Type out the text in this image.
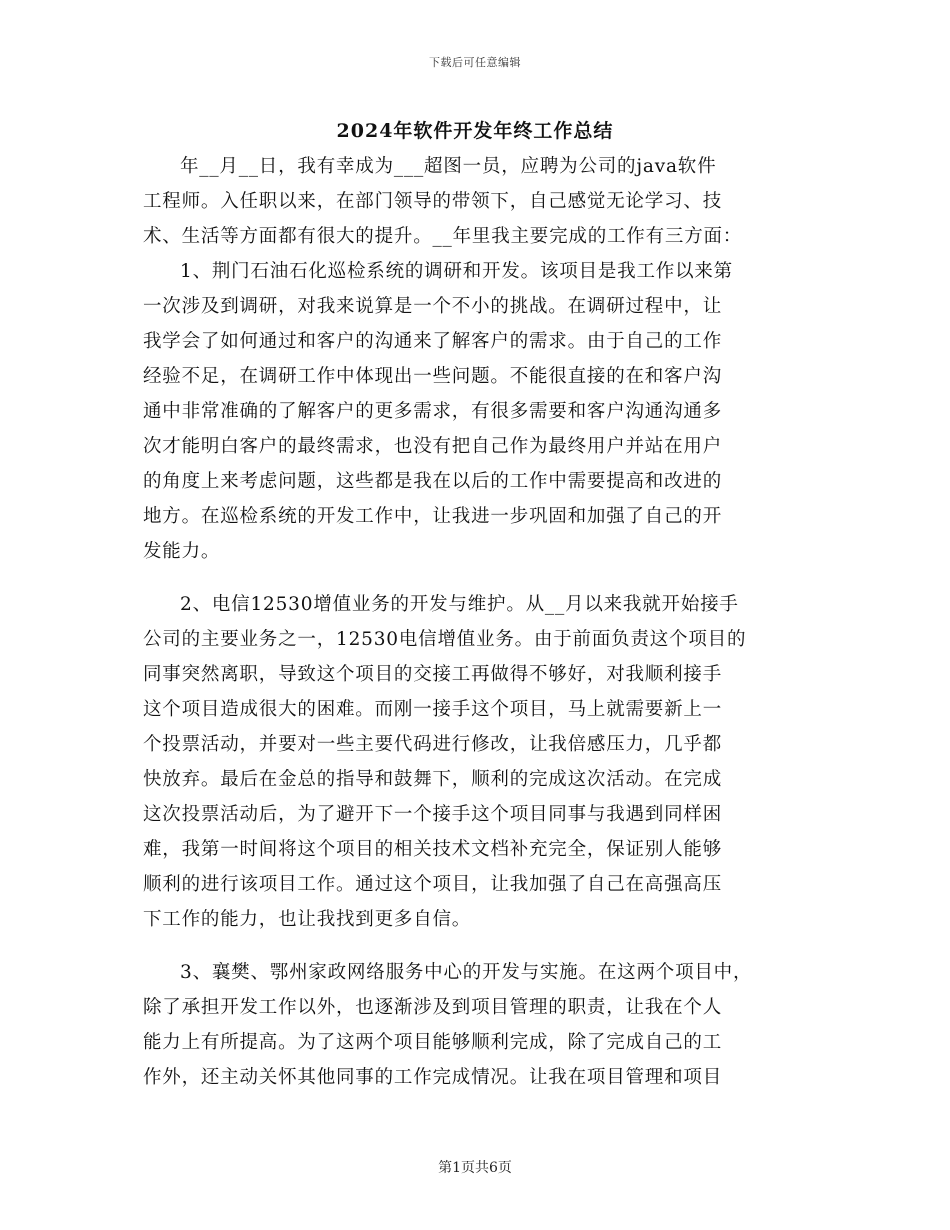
下载后可任意编辑
2024年软件开发年终工作总结
年__月__日，我有幸成为___超图一员，应聘为公司的java软件
工程师。入任职以来，在部门领导的带领下，自己感觉无论学习、技
术、生活等方面都有很大的提升。__年里我主要完成的工作有三方面：
1、荆门石油石化巡检系统的调研和开发。该项目是我工作以来第
一次涉及到调研，对我来说算是一个不小的挑战。在调研过程中，让
我学会了如何通过和客户的沟通来了解客户的需求。由于自己的工作
经验不足，在调研工作中体现出一些问题。不能很直接的在和客户沟
通中非常准确的了解客户的更多需求，有很多需要和客户沟通沟通多
次才能明白客户的最终需求，也没有把自己作为最终用户并站在用户
的角度上来考虑问题，这些都是我在以后的工作中需要提高和改进的
地方。在巡检系统的开发工作中，让我进一步巩固和加强了自己的开
发能力。
2、电信12530增值业务的开发与维护。从__月以来我就开始接手
公司的主要业务之一，12530电信增值业务。由于前面负责这个项目的
同事突然离职，导致这个项目的交接工再做得不够好，对我顺利接手
这个项目造成很大的困难。而刚一接手这个项目，马上就需要新上一
个投票活动，并要对一些主要代码进行修改，让我倍感压力，几乎都
快放弃。最后在金总的指导和鼓舞下，顺利的完成这次活动。在完成
这次投票活动后，为了避开下一个接手这个项目同事与我遇到同样困
难，我第一时间将这个项目的相关技术文档补充完全，保证别人能够
顺利的进行该项目工作。通过这个项目，让我加强了自己在高强高压
下工作的能力，也让我找到更多自信。
3、襄樊、鄂州家政网络服务中心的开发与实施。在这两个项目中，
除了承担开发工作以外，也逐渐涉及到项目管理的职责，让我在个人
能力上有所提高。为了这两个项目能够顺利完成，除了完成自己的工
作外，还主动关怀其他同事的工作完成情况。让我在项目管理和项目
第1页共6页
